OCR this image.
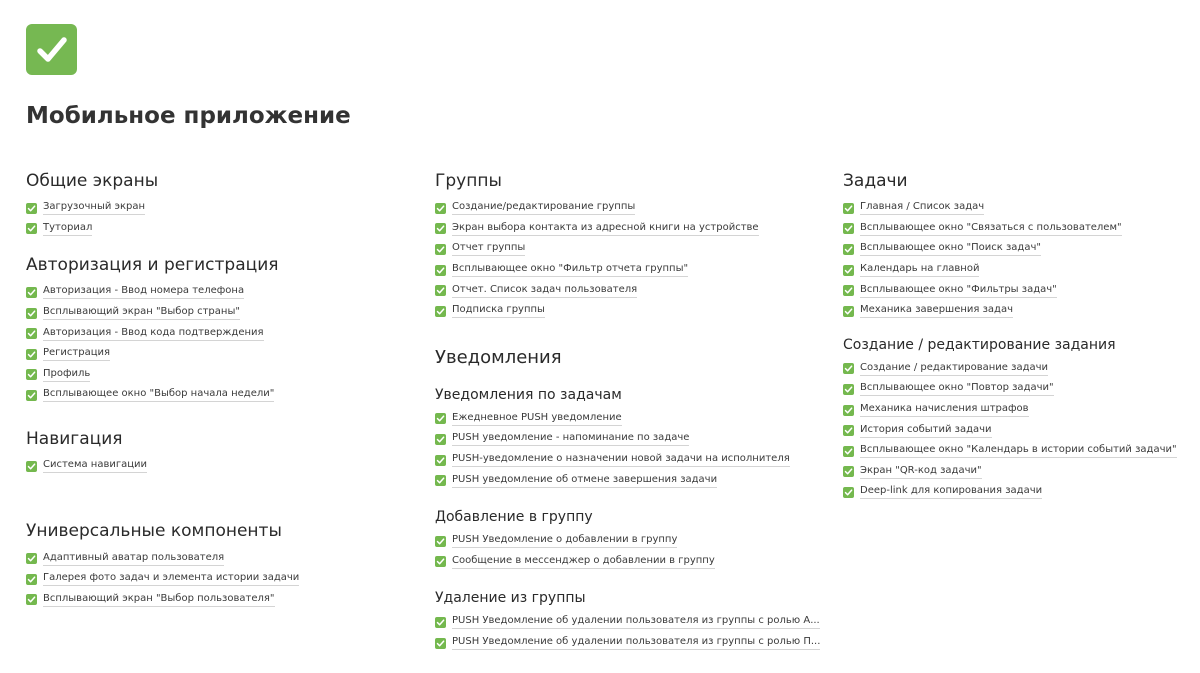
Мобильное приложение
Общие экраны
Загрузочный экран
Туториал
Авторизация и регистрация
Авторизация - Ввод номера телефона
Всплывающий экран "Выбор страны"
Авторизация - Ввод кода подтверждения
Регистрация
Профиль
Всплывающее окно "Выбор начала недели"
Навигация
Система навигации
Универсальные компоненты
Адаптивный аватар пользователя
Галерея фото задач и элемента истории задачи
Всплывающий экран "Выбор пользователя"
Группы
Создание/редактирование группы
Экран выбора контакта из адресной книги на устройстве
Отчет группы
Всплывающее окно "Фильтр отчета группы"
Отчет. Список задач пользователя
Подписка группы
Уведомления
Уведомления по задачам
Ежедневное PUSH уведомление
PUSH уведомление - напоминание по задаче
PUSH-уведомление о назначении новой задачи на исполнителя
PUSH уведомление об отмене завершения задачи
Добавление в группу
PUSH Уведомление о добавлении в группу
Сообщение в мессенджер о добавлении в группу
Удаление из группы
PUSH Уведомление об удалении пользователя из группы с ролью А...
PUSH Уведомление об удалении пользователя из группы с ролью П...
Задачи
Главная / Список задач
Всплывающее окно "Связаться с пользователем"
Всплывающее окно "Поиск задач"
Календарь на главной
Всплывающее окно "Фильтры задач"
Механика завершения задач
Создание / редактирование задания
Создание / редактирование задачи
Всплывающее окно "Повтор задачи"
Механика начисления штрафов
История событий задачи
Всплывающее окно "Календарь в истории событий задачи"
Экран "QR-код задачи"
Deep-link для копирования задачи
